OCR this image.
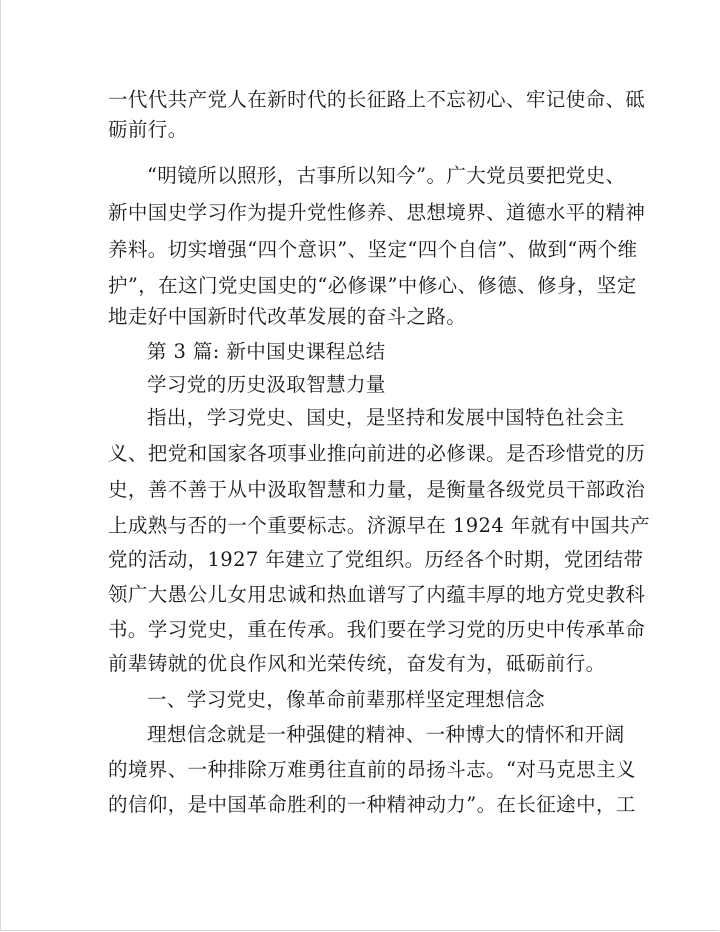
一代代共产党人在新时代的长征路上不忘初心、牢记使命、砥
砺前行。
“明镜所以照形，古事所以知今”。广大党员要把党史、
新中国史学习作为提升党性修养、思想境界、道德水平的精神
养料。切实增强“四个意识”、坚定“四个自信”、做到“两个维
护”，在这门党史国史的“必修课”中修心、修德、修身，坚定
地走好中国新时代改革发展的奋斗之路。
第 3 篇: 新中国史课程总结
学习党的历史汲取智慧力量
指出，学习党史、国史，是坚持和发展中国特色社会主
义、把党和国家各项事业推向前进的必修课。是否珍惜党的历
史，善不善于从中汲取智慧和力量，是衡量各级党员干部政治
上成熟与否的一个重要标志。济源早在 1924 年就有中国共产
党的活动，1927 年建立了党组织。历经各个时期，党团结带
领广大愚公儿女用忠诚和热血谱写了内蕴丰厚的地方党史教科
书。学习党史，重在传承。我们要在学习党的历史中传承革命
前辈铸就的优良作风和光荣传统，奋发有为，砥砺前行。
一、学习党史，像革命前辈那样坚定理想信念
理想信念就是一种强健的精神、一种博大的情怀和开阔
的境界、一种排除万难勇往直前的昂扬斗志。“对马克思主义
的信仰，是中国革命胜利的一种精神动力”。在长征途中，工
